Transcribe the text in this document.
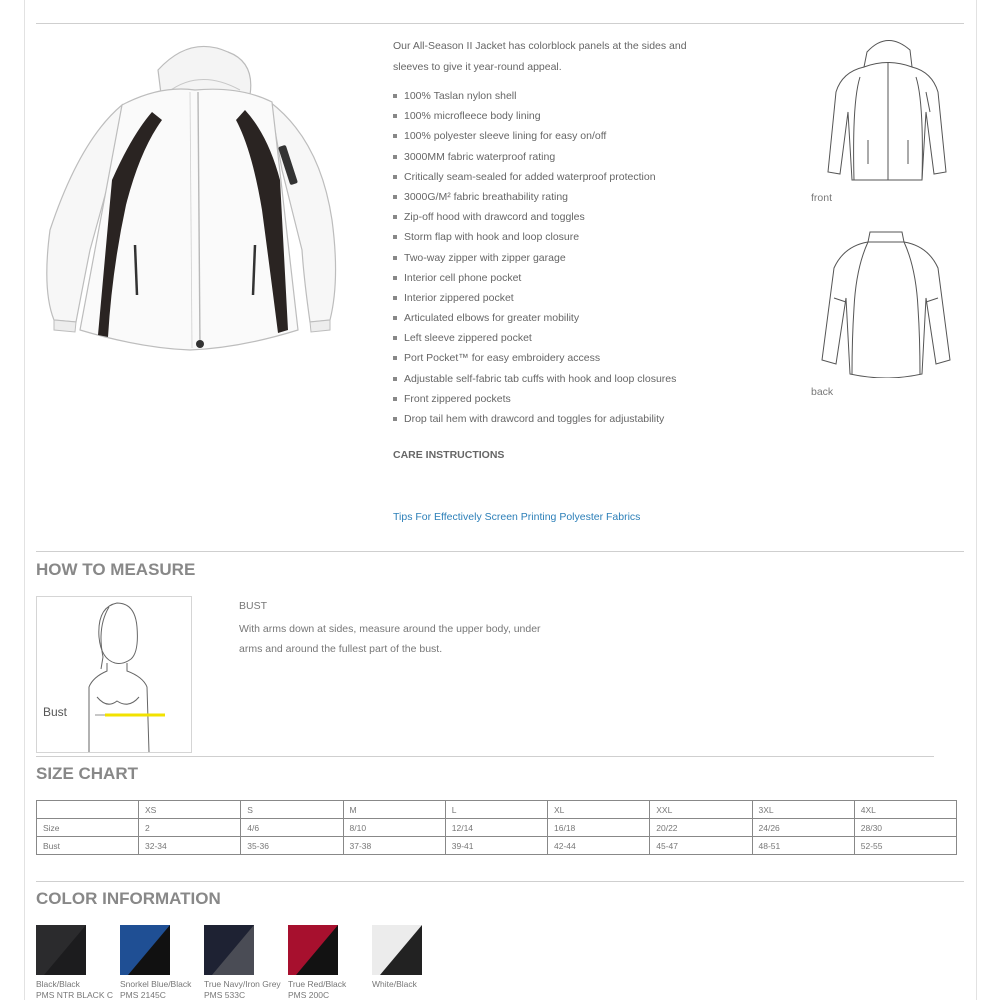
Our All-Season II Jacket has colorblock panels at the sides and sleeves to give it year-round appeal.
100% Taslan nylon shell
100% microfleece body lining
100% polyester sleeve lining for easy on/off
3000MM fabric waterproof rating
Critically seam-sealed for added waterproof protection
3000G/M² fabric breathability rating
Zip-off hood with drawcord and toggles
Storm flap with hook and loop closure
Two-way zipper with zipper garage
Interior cell phone pocket
Interior zippered pocket
Articulated elbows for greater mobility
Left sleeve zippered pocket
Port Pocket™ for easy embroidery access
Adjustable self-fabric tab cuffs with hook and loop closures
Front zippered pockets
Drop tail hem with drawcord and toggles for adjustability
CARE INSTRUCTIONS
Tips For Effectively Screen Printing Polyester Fabrics
front
back
HOW TO MEASURE
Bust
BUST
With arms down at sides, measure around the upper body, under arms and around the fullest part of the bust.
SIZE CHART
	XS	S	M	L	XL	XXL	3XL	4XL
Size	2	4/6	8/10	12/14	16/18	20/22	24/26	28/30
Bust	32-34	35-36	37-38	39-41	42-44	45-47	48-51	52-55
COLOR INFORMATION
Black/Black
PMS NTR BLACK C
Snorkel Blue/Black
PMS 2145C
True Navy/Iron Grey
PMS 533C
True Red/Black
PMS 200C
White/Black
